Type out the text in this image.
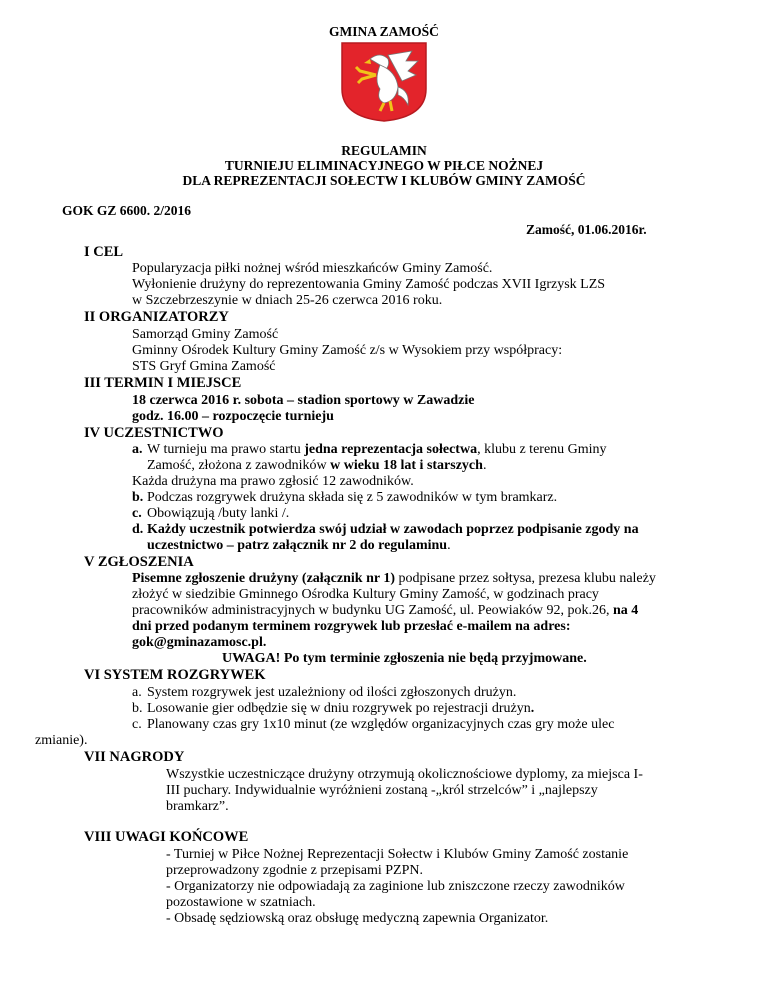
GMINA ZAMOŚĆ
REGULAMIN
TURNIEJU ELIMINACYJNEGO W PIŁCE NOŻNEJ
DLA REPREZENTACJI SOŁECTW I KLUBÓW GMINY ZAMOŚĆ
GOK GZ 6600. 2/2016
Zamość, 01.06.2016r.
I CEL
Popularyzacja piłki nożnej wśród mieszkańców Gminy Zamość.
Wyłonienie drużyny do reprezentowania Gminy Zamość podczas XVII Igrzysk LZS
w Szczebrzeszynie w dniach 25-26 czerwca 2016 roku.
II ORGANIZATORZY
Samorząd Gminy Zamość
Gminny Ośrodek Kultury Gminy Zamość z/s w Wysokiem przy współpracy:
STS Gryf Gmina Zamość
III TERMIN I MIEJSCE
18 czerwca 2016 r. sobota – stadion sportowy w Zawadzie
godz. 16.00 – rozpoczęcie turnieju
IV UCZESTNICTWO
a. W turnieju ma prawo startu jedna reprezentacja sołectwa, klubu z terenu Gminy
Zamość, złożona z zawodników w wieku 18 lat i starszych.
Każda drużyna ma prawo zgłosić 12 zawodników.
b. Podczas rozgrywek drużyna składa się z 5 zawodników w tym bramkarz.
c. Obowiązują /buty lanki /.
d. Każdy uczestnik potwierdza swój udział w zawodach poprzez podpisanie zgody na
uczestnictwo – patrz załącznik nr 2 do regulaminu.
V ZGŁOSZENIA
Pisemne zgłoszenie drużyny (załącznik nr 1) podpisane przez sołtysa, prezesa klubu należy
złożyć w siedzibie Gminnego Ośrodka Kultury Gminy Zamość, w godzinach pracy
pracowników administracyjnych w budynku UG Zamość, ul. Peowiaków 92, pok.26, na 4
dni przed podanym terminem rozgrywek lub przesłać e-mailem na adres:
gok@gminazamosc.pl.
UWAGA! Po tym terminie zgłoszenia nie będą przyjmowane.
VI SYSTEM ROZGRYWEK
a. System rozgrywek jest uzależniony od ilości zgłoszonych drużyn.
b. Losowanie gier odbędzie się w dniu rozgrywek po rejestracji drużyn.
c. Planowany czas gry 1x10 minut (ze względów organizacyjnych czas gry może ulec
zmianie).
VII NAGRODY
Wszystkie uczestniczące drużyny otrzymują okolicznościowe dyplomy, za miejsca I-
III puchary. Indywidualnie wyróżnieni zostaną -„król strzelców” i „najlepszy
bramkarz”.
VIII UWAGI KOŃCOWE
- Turniej w Piłce Nożnej Reprezentacji Sołectw i Klubów Gminy Zamość zostanie
przeprowadzony zgodnie z przepisami PZPN.
- Organizatorzy nie odpowiadają za zaginione lub zniszczone rzeczy zawodników
pozostawione w szatniach.
- Obsadę sędziowską oraz obsługę medyczną zapewnia Organizator.
